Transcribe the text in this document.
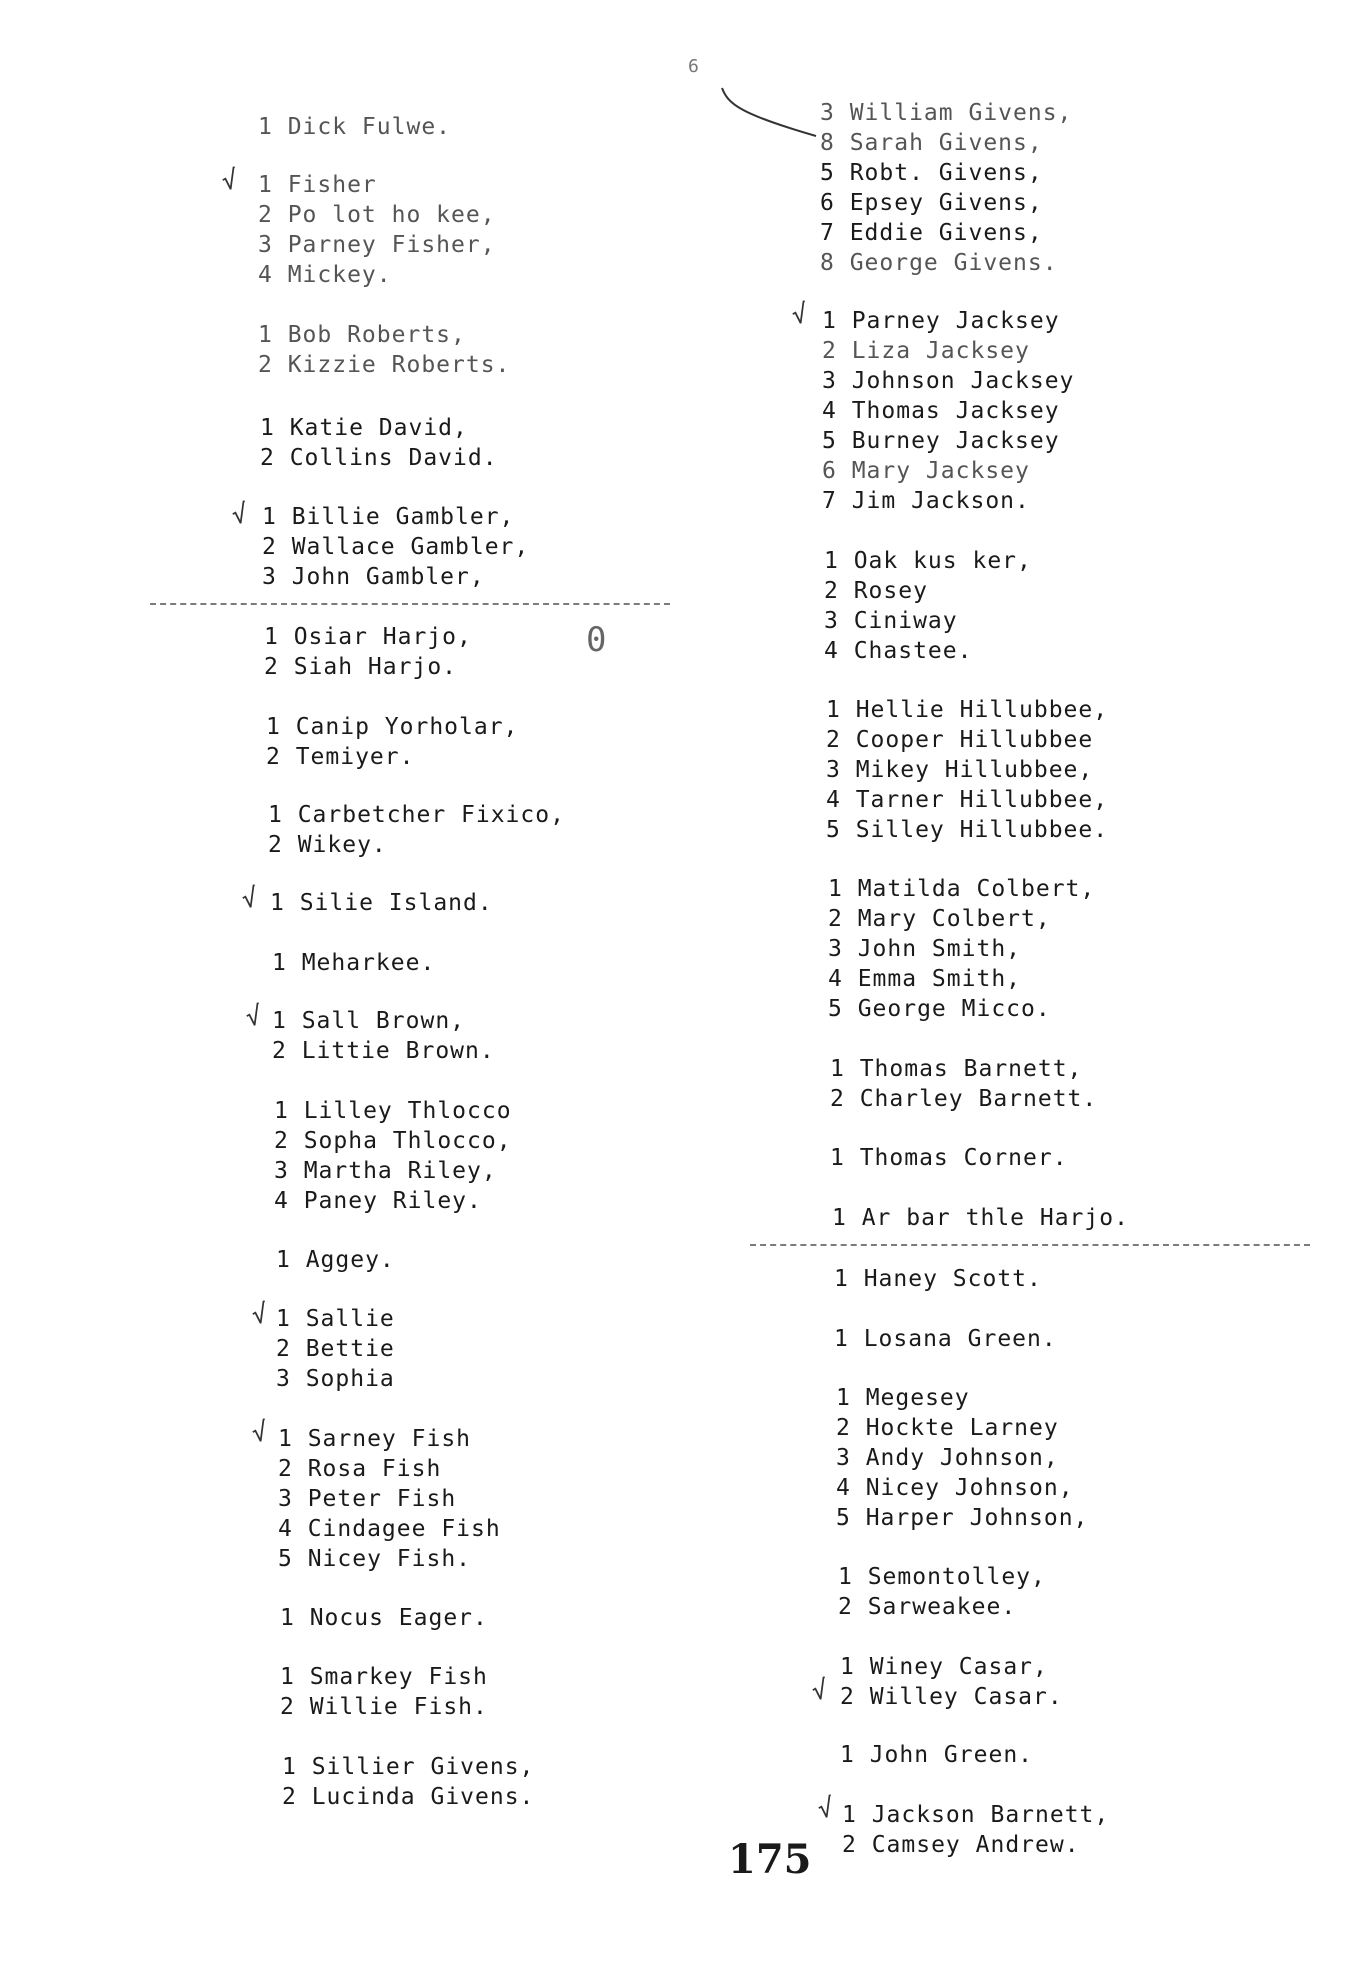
6
1 Dick Fulwe.
√ 1 Fisher
2 Po lot ho kee,
3 Parney Fisher,
4 Mickey.
1 Bob Roberts,
2 Kizzie Roberts.
1 Katie David,
2 Collins David.
√ 1 Billie Gambler,
2 Wallace Gambler,
3 John Gambler,
1 Osiar Harjo,
2 Siah Harjo.
0
1 Canip Yorholar,
2 Temiyer.
1 Carbetcher Fixico,
2 Wikey.
√ 1 Silie Island.
1 Meharkee.
√ 1 Sall Brown,
2 Littie Brown.
1 Lilley Thlocco
2 Sopha Thlocco,
3 Martha Riley,
4 Paney Riley.
1 Aggey.
√ 1 Sallie
2 Bettie
3 Sophia
√ 1 Sarney Fish
2 Rosa Fish
3 Peter Fish
4 Cindagee Fish
5 Nicey Fish.
1 Nocus Eager.
1 Smarkey Fish
2 Willie Fish.
1 Sillier Givens,
2 Lucinda Givens.
3 William Givens,
8 Sarah Givens,
5 Robt. Givens,
6 Epsey Givens,
7 Eddie Givens,
8 George Givens.
√ 1 Parney Jacksey
2 Liza Jacksey
3 Johnson Jacksey
4 Thomas Jacksey
5 Burney Jacksey
6 Mary Jacksey
7 Jim Jackson.
1 Oak kus ker,
2 Rosey
3 Ciniway
4 Chastee.
1 Hellie Hillubbee,
2 Cooper Hillubbee
3 Mikey Hillubbee,
4 Tarner Hillubbee,
5 Silley Hillubbee.
1 Matilda Colbert,
2 Mary Colbert,
3 John Smith,
4 Emma Smith,
5 George Micco.
1 Thomas Barnett,
2 Charley Barnett.
1 Thomas Corner.
1 Ar bar thle Harjo.
1 Haney Scott.
1 Losana Green.
1 Megesey
2 Hockte Larney
3 Andy Johnson,
4 Nicey Johnson,
5 Harper Johnson,
1 Semontolley,
2 Sarweakee.
1 Winey Casar,
√ 2 Willey Casar.
1 John Green.
√ 1 Jackson Barnett,
2 Camsey Andrew.
175
